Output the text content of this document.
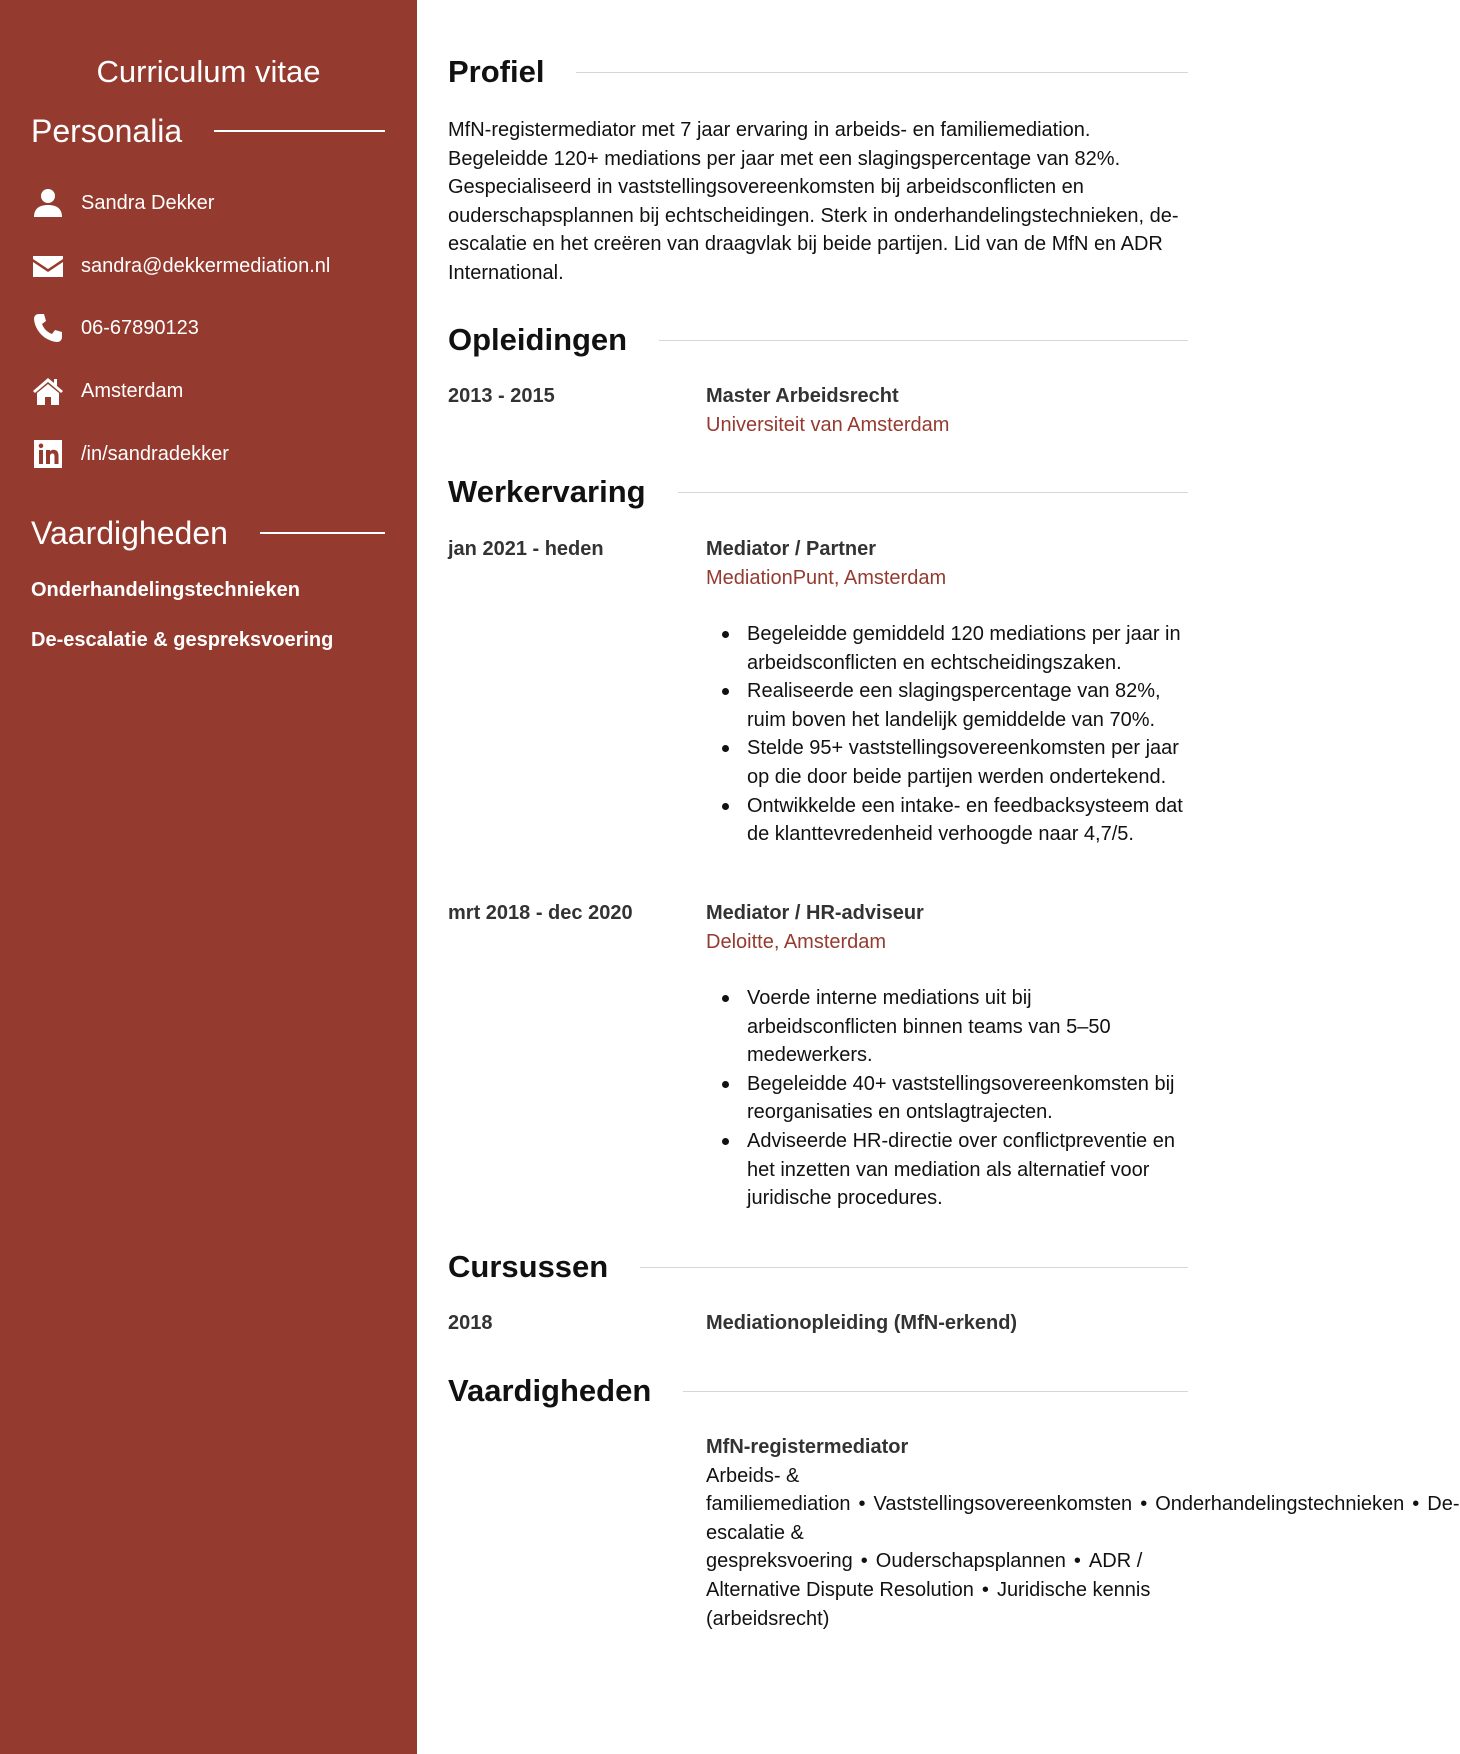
Curriculum vitae
Personalia
Sandra Dekker
sandra@dekkermediation.nl
06-67890123
Amsterdam
/in/sandradekker
Vaardigheden
Onderhandelingstechnieken
De-escalatie & gespreksvoering
Profiel

MfN-registermediator met 7 jaar ervaring in arbeids- en familiemediation. Begeleidde 120+ mediations per jaar met een slagingspercentage van 82%. Gespecialiseerd in vaststellingsovereenkomsten bij arbeidsconflicten en ouderschapsplannen bij echtscheidingen. Sterk in onderhandelingstechnieken, de-escalatie en het creëren van draagvlak bij beide partijen. Lid van de MfN en ADR International.

Opleidingen
2013 - 2015	Master Arbeidsrecht
Universiteit van Amsterdam
Werkervaring
jan 2021 - heden	Mediator / Partner
MediationPunt, Amsterdam
Begeleidde gemiddeld 120 mediations per jaar in arbeidsconflicten en echtscheidingszaken.
Realiseerde een slagingspercentage van 82%, ruim boven het landelijk gemiddelde van 70%.
Stelde 95+ vaststellingsovereenkomsten per jaar op die door beide partijen werden ondertekend.
Ontwikkelde een intake- en feedbacksysteem dat de klanttevredenheid verhoogde naar 4,7/5.
mrt 2018 - dec 2020	Mediator / HR-adviseur
Deloitte, Amsterdam
Voerde interne mediations uit bij arbeidsconflicten binnen teams van 5–50 medewerkers.
Begeleidde 40+ vaststellingsovereenkomsten bij reorganisaties en ontslagtrajecten.
Adviseerde HR-directie over conflictpreventie en het inzetten van mediation als alternatief voor juridische procedures.
Cursussen
2018	Mediationopleiding (MfN-erkend)
Vaardigheden
MfN-registermediator
Arbeids- & familiemediation • Vaststellingsovereenkomsten • Onderhandelingstechnieken • De-escalatie & gespreksvoering • Ouderschapsplannen • ADR / Alternative Dispute Resolution • Juridische kennis (arbeidsrecht)
